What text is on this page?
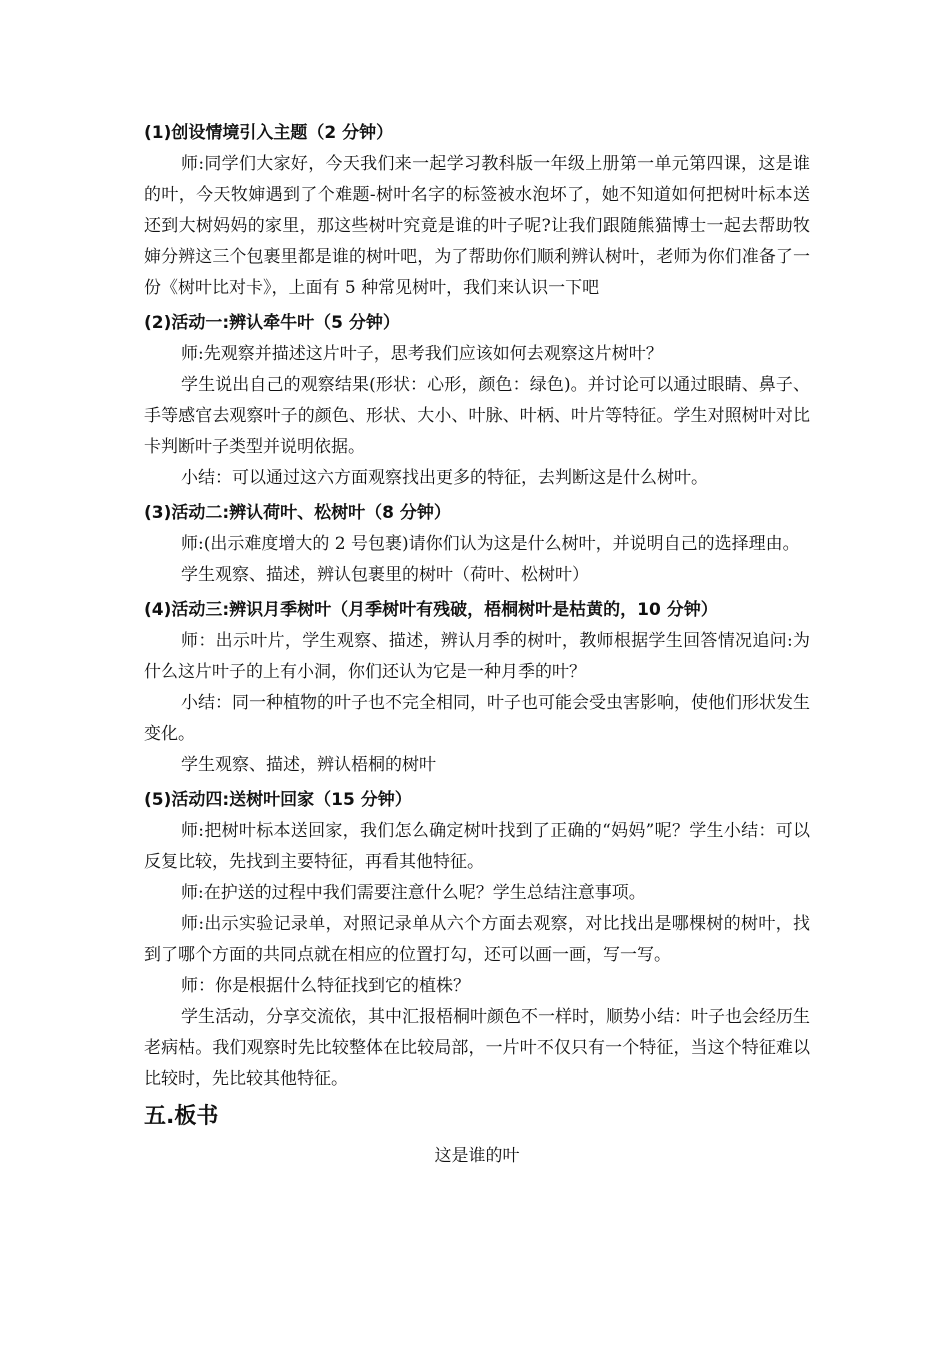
(1)创设情境引入主题（2 分钟）

师:同学们大家好，今天我们来一起学习教科版一年级上册第一单元第四课，这是谁的叶，今天牧婶遇到了个难题-树叶名字的标签被水泡坏了，她不知道如何把树叶标本送还到大树妈妈的家里，那这些树叶究竟是谁的叶子呢?让我们跟随熊猫博士一起去帮助牧婶分辨这三个包裹里都是谁的树叶吧，为了帮助你们顺利辨认树叶，老师为你们准备了一份《树叶比对卡》，上面有 5 种常见树叶，我们来认识一下吧

(2)活动一:辨认牵牛叶（5 分钟）

师:先观察并描述这片叶子，思考我们应该如何去观察这片树叶？

学生说出自己的观察结果(形状：心形，颜色：绿色)。并讨论可以通过眼睛、鼻子、手等感官去观察叶子的颜色、形状、大小、叶脉、叶柄、叶片等特征。学生对照树叶对比卡判断叶子类型并说明依据。

小结：可以通过这六方面观察找出更多的特征，去判断这是什么树叶。

(3)活动二:辨认荷叶、松树叶（8 分钟）

师:(出示难度增大的 2 号包裹)请你们认为这是什么树叶，并说明自己的选择理由。

学生观察、描述，辨认包裹里的树叶（荷叶、松树叶）

(4)活动三:辨识月季树叶（月季树叶有残破，梧桐树叶是枯黄的，10 分钟）

师：出示叶片，学生观察、描述，辨认月季的树叶，教师根据学生回答情况追问:为什么这片叶子的上有小洞，你们还认为它是一种月季的叶？

小结：同一种植物的叶子也不完全相同，叶子也可能会受虫害影响，使他们形状发生变化。

学生观察、描述，辨认梧桐的树叶

(5)活动四:送树叶回家（15 分钟）

师:把树叶标本送回家，我们怎么确定树叶找到了正确的“妈妈”呢？学生小结：可以反复比较，先找到主要特征，再看其他特征。

师:在护送的过程中我们需要注意什么呢？学生总结注意事项。

师:出示实验记录单，对照记录单从六个方面去观察，对比找出是哪棵树的树叶，找到了哪个方面的共同点就在相应的位置打勾，还可以画一画，写一写。

师：你是根据什么特征找到它的植株？

学生活动，分享交流依，其中汇报梧桐叶颜色不一样时，顺势小结：叶子也会经历生老病枯。我们观察时先比较整体在比较局部，一片叶不仅只有一个特征，当这个特征难以比较时，先比较其他特征。

五.板书

这是谁的叶
